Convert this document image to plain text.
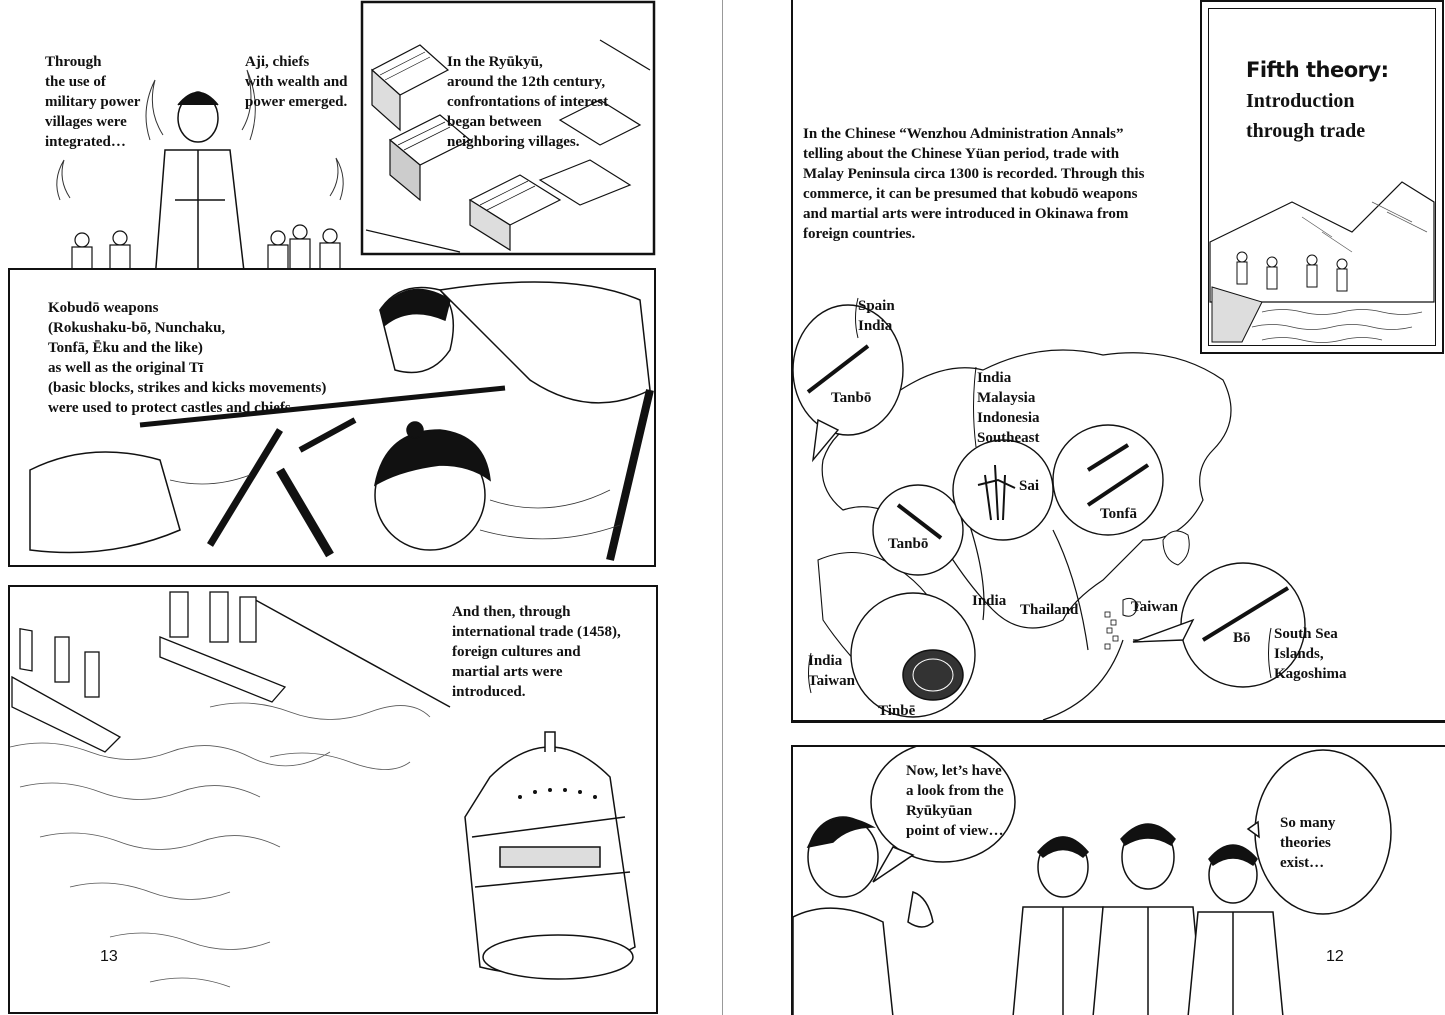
Through
the use of
military power
villages were
integrated…
Aji, chiefs
with wealth and
power emerged.
In the Ryūkyū,
around the 12th century,
confrontations of interest
began between
neighboring villages.
Kobudō weapons
(Rokushaku-bō, Nunchaku,
Tonfā, Ēku and the like)
as well as the original Tī
(basic blocks, strikes and kicks movements)
were used to protect castles and chiefs.
And then, through
international trade (1458),
foreign cultures and
martial arts were
introduced.
13
Fifth theory:
Introduction
through trade
In the Chinese “Wenzhou Administration Annals”
telling about the Chinese Yüan period, trade with
Malay Peninsula circa 1300 is recorded. Through this
commerce, it can be presumed that kobudō weapons
and martial arts were introduced in Okinawa from
foreign countries.
Spain
India
Tanbō
India
Malaysia
Indonesia
Southeast
Sai
Tonfā
Tanbō
India
Thailand	Taiwan
Bō South Sea
Islands,
Kagoshima
India
Taiwan
Tinbē
Now, let’s have
a look from the
Ryūkyūan
point of view…	So many
theories
exist…
12
